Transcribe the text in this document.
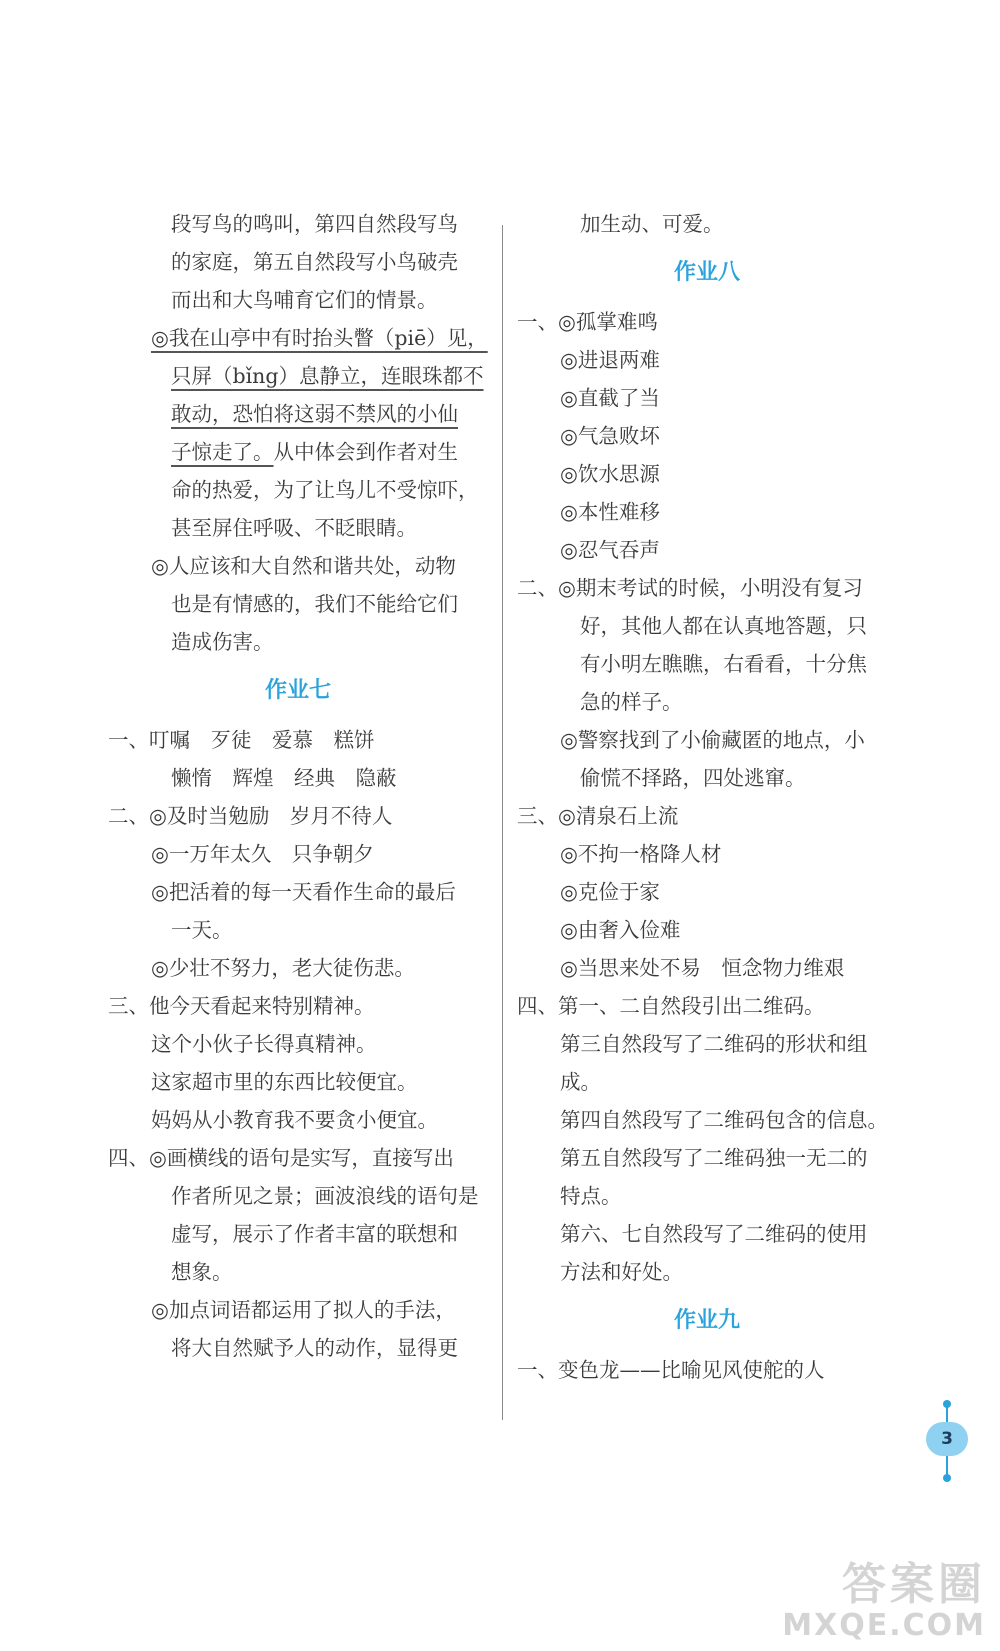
段写鸟的鸣叫，第四自然段写鸟
的家庭，第五自然段写小鸟破壳
而出和大鸟哺育它们的情景。
◎我在山亭中有时抬头瞥（piē）见，
只屏（bǐng）息静立，连眼珠都不
敢动，恐怕将这弱不禁风的小仙
子惊走了。从中体会到作者对生
命的热爱，为了让鸟儿不受惊吓，
甚至屏住呼吸、不眨眼睛。
◎人应该和大自然和谐共处，动物
也是有情感的，我们不能给它们
造成伤害。
作业七
一、叮嘱　歹徒　爱慕　糕饼
懒惰　辉煌　经典　隐蔽
二、◎及时当勉励　岁月不待人
◎一万年太久　只争朝夕
◎把活着的每一天看作生命的最后
一天。
◎少壮不努力，老大徒伤悲。
三、他今天看起来特别精神。
这个小伙子长得真精神。
这家超市里的东西比较便宜。
妈妈从小教育我不要贪小便宜。
四、◎画横线的语句是实写，直接写出
作者所见之景；画波浪线的语句是
虚写，展示了作者丰富的联想和
想象。
◎加点词语都运用了拟人的手法，
将大自然赋予人的动作，显得更
加生动、可爱。
作业八
一、◎孤掌难鸣
◎进退两难
◎直截了当
◎气急败坏
◎饮水思源
◎本性难移
◎忍气吞声
二、◎期末考试的时候，小明没有复习
好，其他人都在认真地答题，只
有小明左瞧瞧，右看看，十分焦
急的样子。
◎警察找到了小偷藏匿的地点，小
偷慌不择路，四处逃窜。
三、◎清泉石上流
◎不拘一格降人材
◎克俭于家
◎由奢入俭难
◎当思来处不易　恒念物力维艰
四、第一、二自然段引出二维码。
第三自然段写了二维码的形状和组
成。
第四自然段写了二维码包含的信息。
第五自然段写了二维码独一无二的
特点。
第六、七自然段写了二维码的使用
方法和好处。
作业九
一、变色龙——比喻见风使舵的人
3
答案圈
MXQE.COM
